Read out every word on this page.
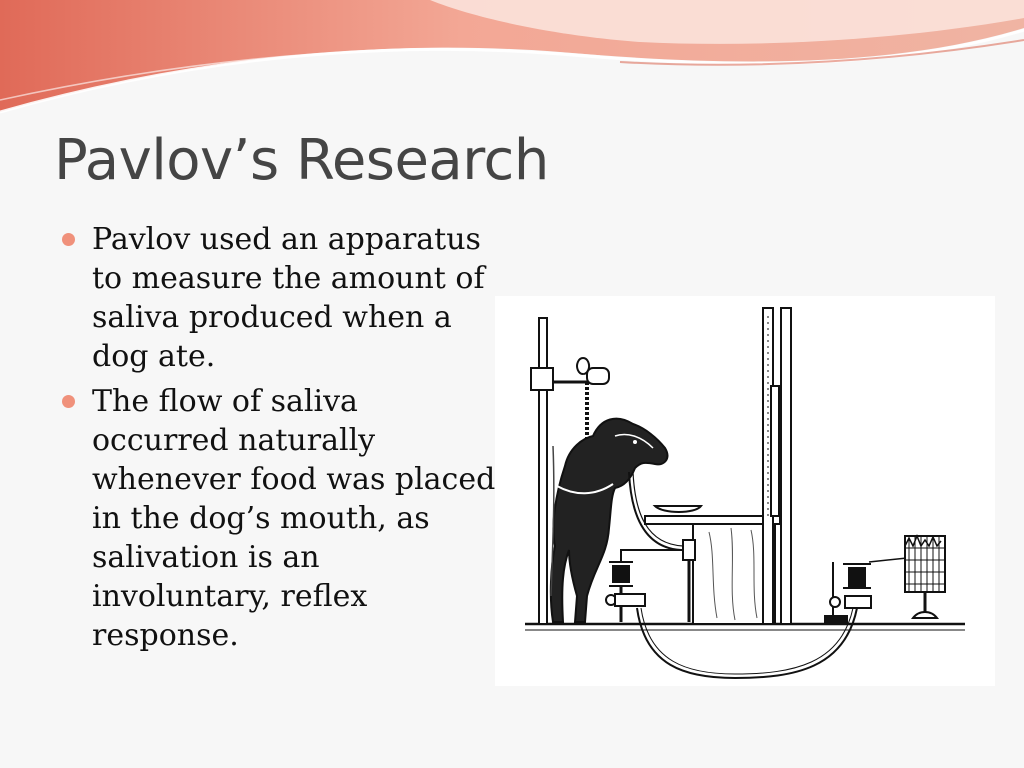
Pavlov’s Research
Pavlov used an apparatus to measure the amount of saliva produced when a dog ate.
The flow of saliva occurred naturally whenever food was placed in the dog’s mouth, as salivation is an involuntary, reflex response.
